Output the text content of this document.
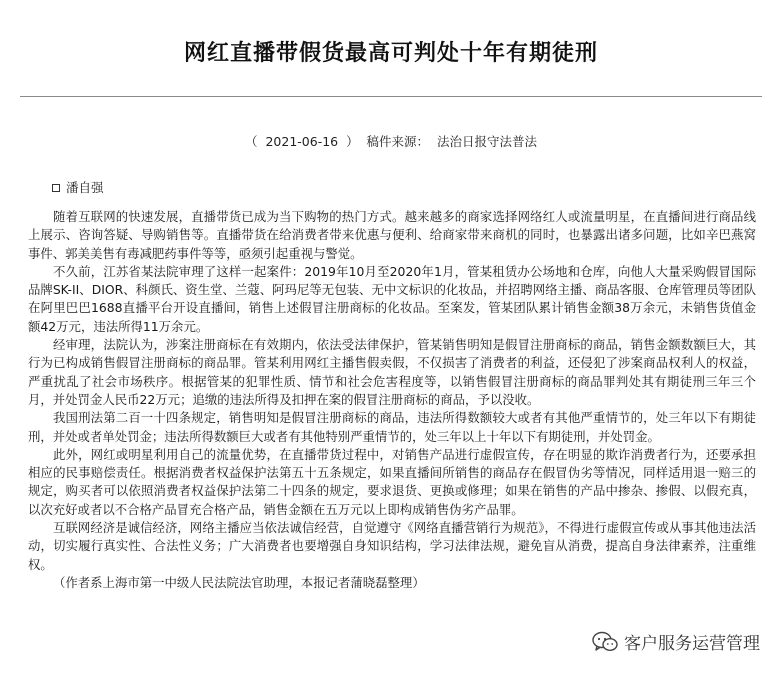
网红直播带假货最高可判处十年有期徒刑
（  2021-06-16  ）  稿件来源：  法治日报守法普法
潘自强

随着互联网的快速发展，直播带货已成为当下购物的热门方式。越来越多的商家选择网络红人或流量明星，在直播间进行商品线上展示、咨询答疑、导购销售等。直播带货在给消费者带来优惠与便利、给商家带来商机的同时，也暴露出诸多问题，比如辛巴燕窝事件、郭美美售有毒减肥药事件等等，亟须引起重视与警觉。

不久前，江苏省某法院审理了这样一起案件：2019年10月至2020年1月，管某租赁办公场地和仓库，向他人大量采购假冒国际品牌SK-II、DIOR、科颜氏、资生堂、兰蔻、阿玛尼等无包装、无中文标识的化妆品，并招聘网络主播、商品客服、仓库管理员等团队在阿里巴巴1688直播平台开设直播间，销售上述假冒注册商标的化妆品。至案发，管某团队累计销售金额38万余元，未销售货值金额42万元，违法所得11万余元。

经审理，法院认为，涉案注册商标在有效期内，依法受法律保护，管某销售明知是假冒注册商标的商品，销售金额数额巨大，其行为已构成销售假冒注册商标的商品罪。管某利用网红主播售假卖假，不仅损害了消费者的利益，还侵犯了涉案商品权利人的权益，严重扰乱了社会市场秩序。根据管某的犯罪性质、情节和社会危害程度等，以销售假冒注册商标的商品罪判处其有期徒刑三年三个月，并处罚金人民币22万元；追缴的违法所得及扣押在案的假冒注册商标的商品，予以没收。

我国刑法第二百一十四条规定，销售明知是假冒注册商标的商品，违法所得数额较大或者有其他严重情节的，处三年以下有期徒刑，并处或者单处罚金；违法所得数额巨大或者有其他特别严重情节的，处三年以上十年以下有期徒刑，并处罚金。

此外，网红或明星利用自己的流量优势，在直播带货过程中，对销售产品进行虚假宣传，存在明显的欺诈消费者行为，还要承担相应的民事赔偿责任。根据消费者权益保护法第五十五条规定，如果直播间所销售的商品存在假冒伪劣等情况，同样适用退一赔三的规定，购买者可以依照消费者权益保护法第二十四条的规定，要求退货、更换或修理；如果在销售的产品中掺杂、掺假、以假充真，以次充好或者以不合格产品冒充合格产品，销售金额在五万元以上即构成销售伪劣产品罪。

互联网经济是诚信经济，网络主播应当依法诚信经营，自觉遵守《网络直播营销行为规范》，不得进行虚假宣传或从事其他违法活动，切实履行真实性、合法性义务；广大消费者也要增强自身知识结构，学习法律法规，避免盲从消费，提高自身法律素养，注重维权。

（作者系上海市第一中级人民法院法官助理，本报记者蒲晓磊整理）

客户服务运营管理
